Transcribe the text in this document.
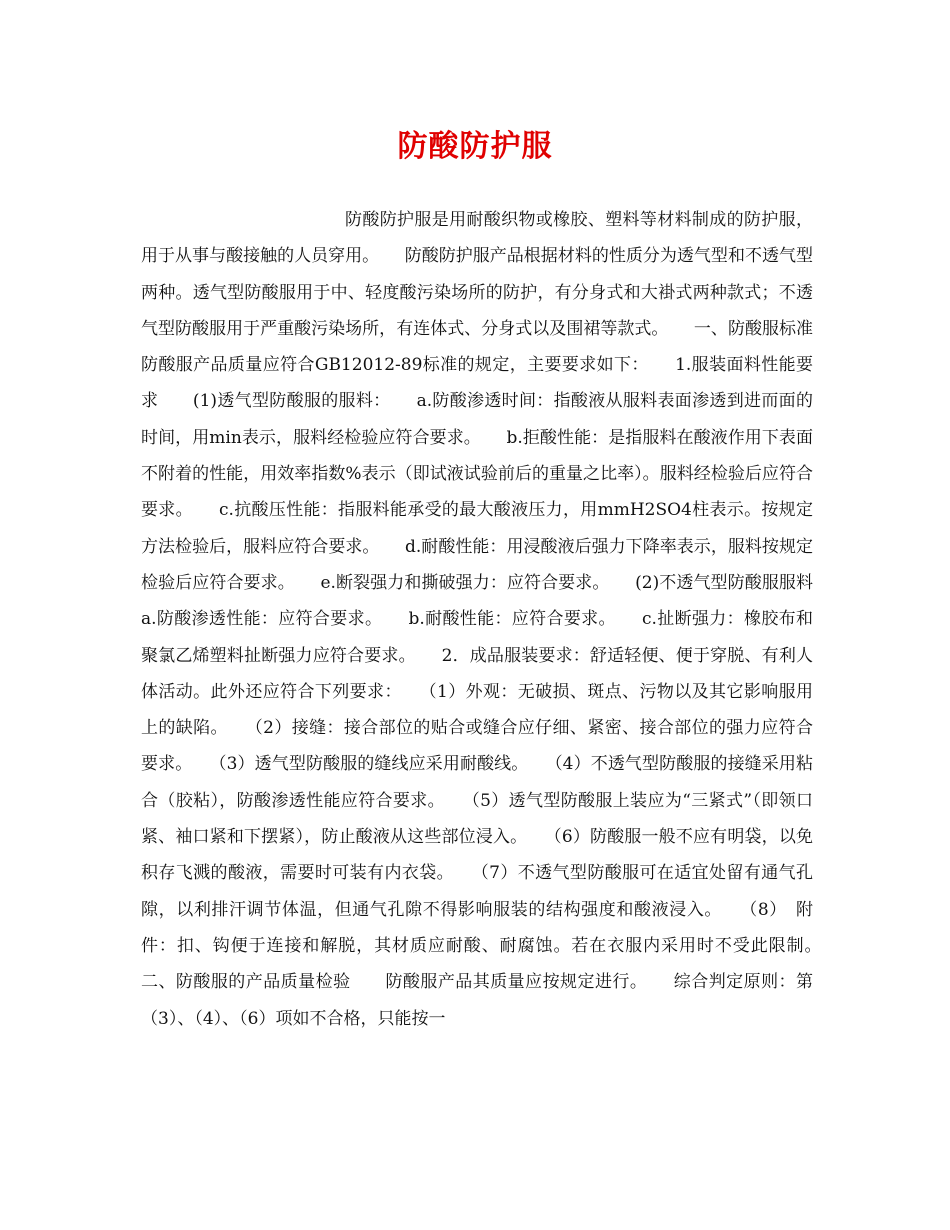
防酸防护服

防酸防护服是用耐酸织物或橡胶、塑料等材料制成的防护服，用于从事与酸接触的人员穿用。　　防酸防护服产品根据材料的性质分为透气型和不透气型两种。透气型防酸服用于中、轻度酸污染场所的防护，有分身式和大褂式两种款式；不透气型防酸服用于严重酸污染场所，有连体式、分身式以及围裙等款式。　　一、防酸服标准　　防酸服产品质量应符合GB12012-89标准的规定，主要要求如下：　　1.服装面料性能要求　　(1)透气型防酸服的服料：　　a.防酸渗透时间：指酸液从服料表面渗透到进而面的时间，用min表示，服料经检验应符合要求。　　b.拒酸性能：是指服料在酸液作用下表面不附着的性能，用效率指数%表示（即试液试验前后的重量之比率）。服料经检验后应符合要求。　　c.抗酸压性能：指服料能承受的最大酸液压力，用mmH2SO4柱表示。按规定方法检验后，服料应符合要求。　　d.耐酸性能：用浸酸液后强力下降率表示，服料按规定检验后应符合要求。　　e.断裂强力和撕破强力：应符合要求。　　(2)不透气型防酸服服料　　a.防酸渗透性能：应符合要求。　　b.耐酸性能：应符合要求。　　c.扯断强力：橡胶布和聚氯乙烯塑料扯断强力应符合要求。　　2．成品服装要求：舒适轻便、便于穿脱、有利人体活动。此外还应符合下列要求：　　（1）外观：无破损、斑点、污物以及其它影响服用上的缺陷。　　（2）接缝：接合部位的贴合或缝合应仔细、紧密、接合部位的强力应符合要求。　　（3）透气型防酸服的缝线应采用耐酸线。　　（4）不透气型防酸服的接缝采用粘合（胶粘），防酸渗透性能应符合要求。　　（5）透气型防酸服上装应为“三紧式”（即领口紧、袖口紧和下摆紧），防止酸液从这些部位浸入。　　（6）防酸服一般不应有明袋，以免积存飞溅的酸液，需要时可装有内衣袋。　　（7）不透气型防酸服可在适宜处留有通气孔隙，以利排汗调节体温，但通气孔隙不得影响服装的结构强度和酸液浸入。　　（8）　附件：扣、钩便于连接和解脱，其材质应耐酸、耐腐蚀。若在衣服内采用时不受此限制。　　二、防酸服的产品质量检验　　防酸服产品其质量应按规定进行。　　综合判定原则：第（3）、（4）、（6）项如不合格，只能按一
